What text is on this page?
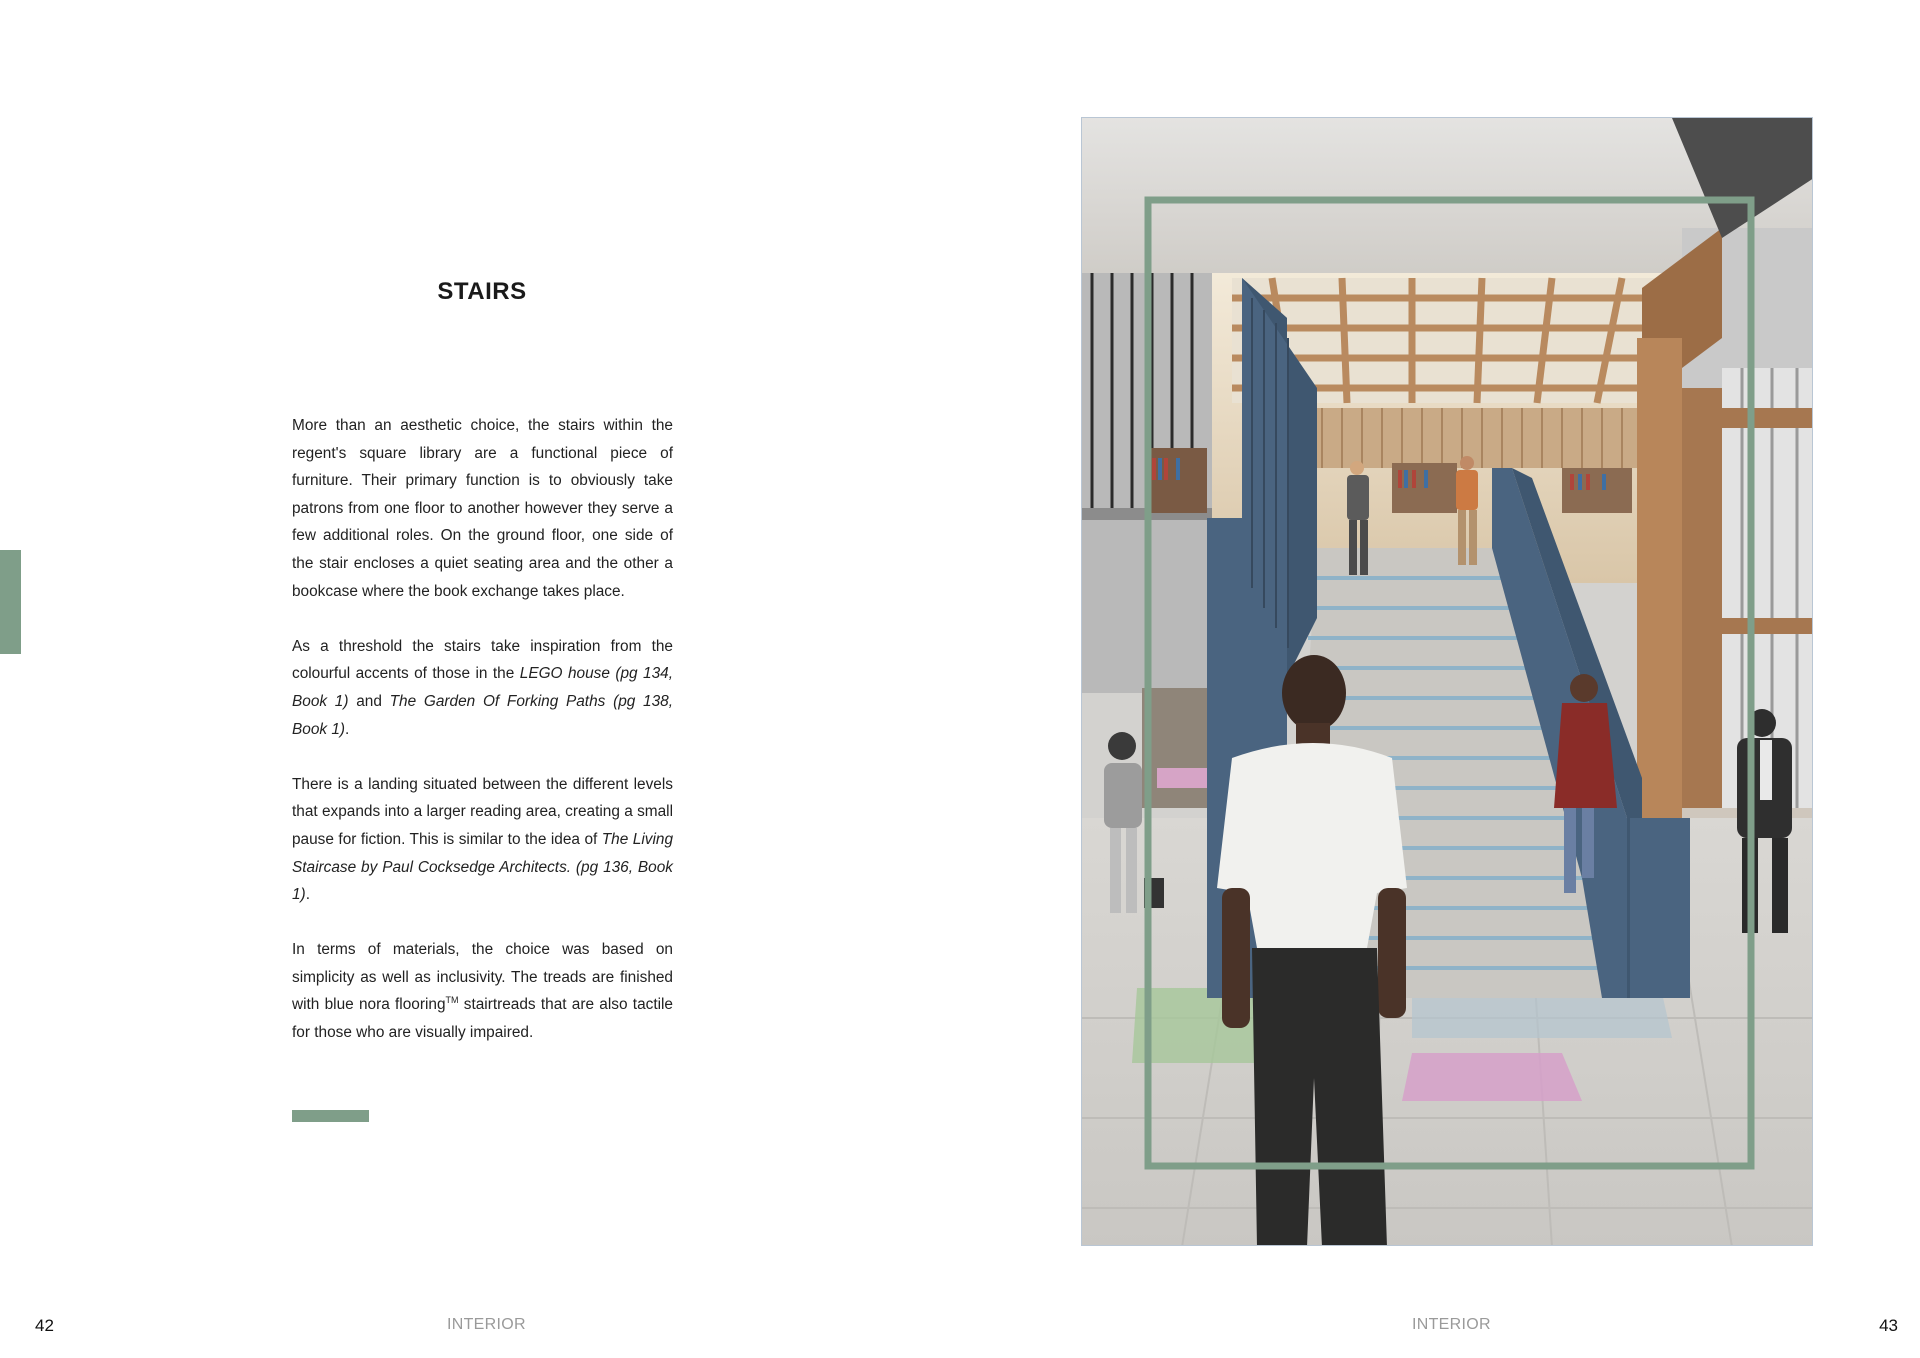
STAIRS

More than an aesthetic choice, the stairs within the regent's square library are a functional piece of furniture. Their primary function is to obviously take patrons from one floor to another however they serve a few additional roles. On the ground floor, one side of the stair encloses a quiet seating area and the other a bookcase where the book exchange takes place.

As a threshold the stairs take inspiration from the colourful accents of those in the LEGO house (pg 134, Book 1) and The Garden Of Forking Paths (pg 138, Book 1).

There is a landing situated between the different levels that expands into a larger reading area, creating a small pause for fiction. This is similar to the idea of The Living Staircase by Paul Cocksedge Architects. (pg 136, Book 1).

In terms of materials, the choice was based on simplicity as well as inclusivity. The treads are finished with blue nora flooring™ stairtreads that are also tactile for those who are visually impaired.

42	INTERIOR	INTERIOR	43
